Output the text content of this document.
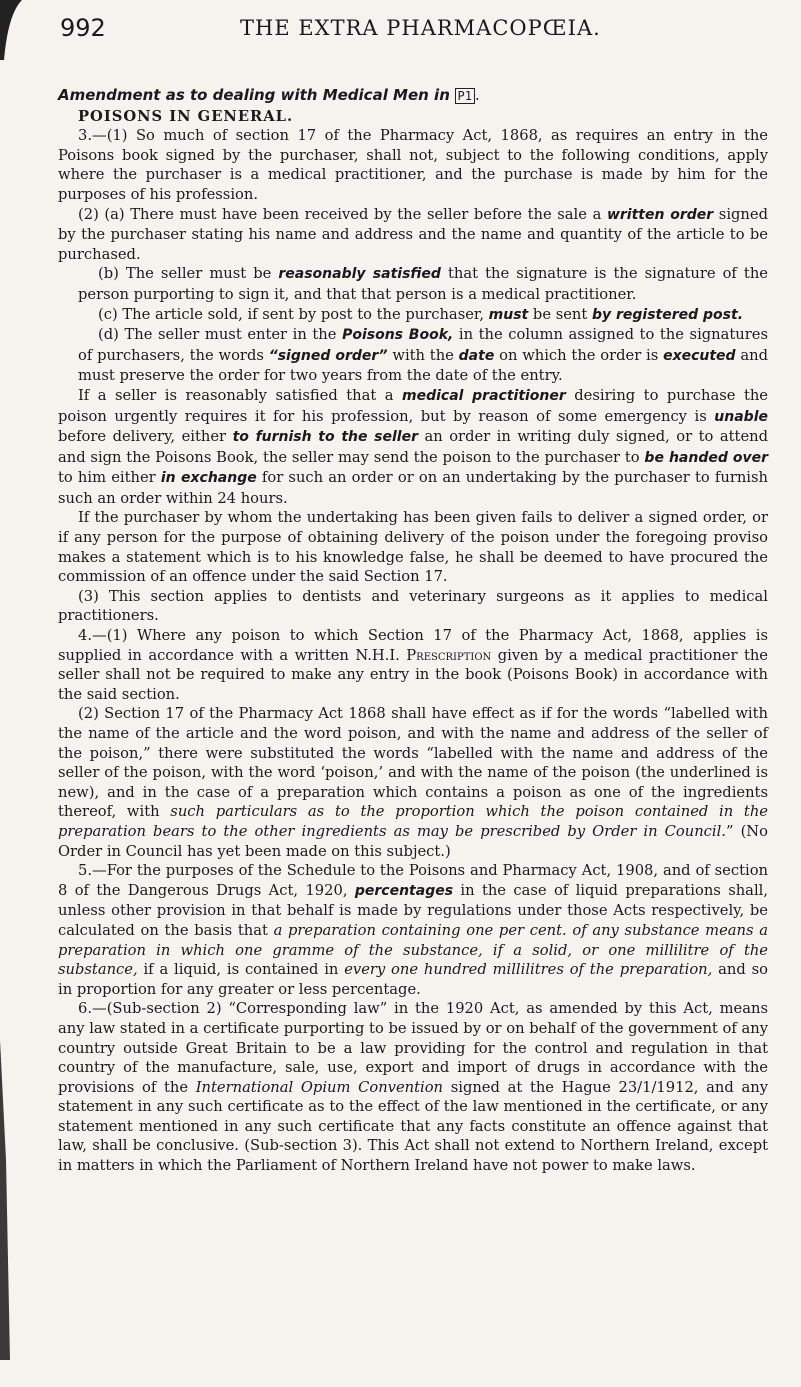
992	THE EXTRA PHARMACOPŒIA.

Amendment as to dealing with Medical Men in P1 .

POISONS IN GENERAL.

3.—(1) So much of section 17 of the Pharmacy Act, 1868, as requires an entry in the Poisons book signed by the purchaser, shall not, subject to the following conditions, apply where the purchaser is a medical practitioner, and the purchase is made by him for the purposes of his profession.

(2) (a) There must have been received by the seller before the sale a written order signed by the purchaser stating his name and address and the name and quantity of the article to be purchased.

(b) The seller must be reasonably satisfied that the signature is the signature of the person purporting to sign it, and that that person is a medical practitioner.

(c) The article sold, if sent by post to the purchaser, must be sent by registered post.

(d) The seller must enter in the Poisons Book, in the column assigned to the signatures of purchasers, the words “signed order” with the date on which the order is executed and must preserve the order for two years from the date of the entry.

If a seller is reasonably satisfied that a medical practitioner desiring to purchase the poison urgently requires it for his profession, but by reason of some emergency is unable before delivery, either to furnish to the seller an order in writing duly signed, or to attend and sign the Poisons Book, the seller may send the poison to the purchaser to be handed over to him either in exchange for such an order or on an undertaking by the purchaser to furnish such an order within 24 hours.

If the purchaser by whom the undertaking has been given fails to deliver a signed order, or if any person for the purpose of obtaining delivery of the poison under the foregoing proviso makes a statement which is to his knowledge false, he shall be deemed to have procured the commission of an offence under the said Section 17.

(3) This section applies to dentists and veterinary surgeons as it applies to medical practitioners.

4.—(1) Where any poison to which Section 17 of the Pharmacy Act, 1868, applies is supplied in accordance with a written N.H.I. Prescription given by a medical practitioner the seller shall not be required to make any entry in the book (Poisons Book) in accordance with the said section.

(2) Section 17 of the Pharmacy Act 1868 shall have effect as if for the words “labelled with the name of the article and the word poison, and with the name and address of the seller of the poison,” there were substituted the words “labelled with the name and address of the seller of the poison, with the word ‘poison,’ and with the name of the poison (the underlined is new), and in the case of a preparation which contains a poison as one of the ingredients thereof, with such particulars as to the proportion which the poison contained in the preparation bears to the other ingredients as may be prescribed by Order in Council.” (No Order in Council has yet been made on this subject.)

5.—For the purposes of the Schedule to the Poisons and Pharmacy Act, 1908, and of section 8 of the Dangerous Drugs Act, 1920, percentages in the case of liquid preparations shall, unless other provision in that behalf is made by regulations under those Acts respectively, be calculated on the basis that a preparation containing one per cent. of any substance means a preparation in which one gramme of the substance, if a solid, or one millilitre of the substance, if a liquid, is contained in every one hundred millilitres of the preparation, and so in proportion for any greater or less percentage.

6.—(Sub-section 2) “Corresponding law” in the 1920 Act, as amended by this Act, means any law stated in a certificate purporting to be issued by or on behalf of the government of any country outside Great Britain to be a law providing for the control and regulation in that country of the manufacture, sale, use, export and import of drugs in accordance with the provisions of the International Opium Convention signed at the Hague 23/1/1912, and any statement in any such certificate as to the effect of the law mentioned in the certificate, or any statement mentioned in any such certificate that any facts constitute an offence against that law, shall be conclusive. (Sub-section 3). This Act shall not extend to Northern Ireland, except in matters in which the Parliament of Northern Ireland have not power to make laws.
